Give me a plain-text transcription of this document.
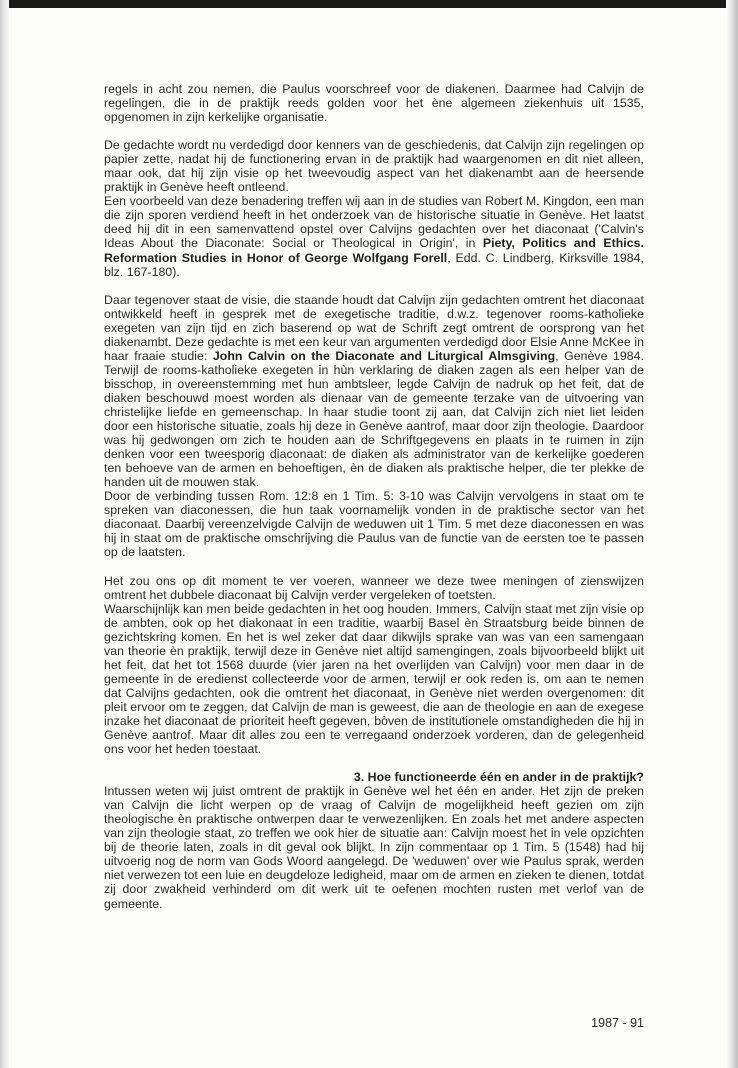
regels in acht zou nemen, die Paulus voorschreef voor de diakenen. Daarmee had Calvijn de regelingen, die in de praktijk reeds golden voor het ène algemeen ziekenhuis uit 1535, opgenomen in zijn kerkelijke organisatie.

De gedachte wordt nu verdedigd door kenners van de geschiedenis, dat Calvijn zijn regelingen op papier zette, nadat hij de functionering ervan in de praktijk had waargenomen en dit niet alleen, maar ook, dat hij zijn visie op het tweevoudig aspect van het diakenambt aan de heersende praktijk in Genève heeft ontleend.

Een voorbeeld van deze benadering treffen wij aan in de studies van Robert M. Kingdon, een man die zijn sporen verdiend heeft in het onderzoek van de historische situatie in Genève. Het laatst deed hij dit in een samenvattend opstel over Calvijns gedachten over het diaconaat ('Calvin's Ideas About the Diaconate: Social or Theological in Origin', in Piety, Politics and Ethics. Reformation Studies in Honor of George Wolfgang Forell, Edd. C. Lindberg, Kirksville 1984, blz. 167-180).

Daar tegenover staat de visie, die staande houdt dat Calvijn zijn gedachten omtrent het diaconaat ontwikkeld heeft in gesprek met de exegetische traditie, d.w.z. tegenover rooms-katholieke exegeten van zijn tijd en zich baserend op wat de Schrift zegt omtrent de oorsprong van het diakenambt. Deze gedachte is met een keur van argumenten verdedigd door Elsie Anne McKee in haar fraaie studie: John Calvin on the Diaconate and Liturgical Almsgiving, Genève 1984. Terwijl de rooms-katholieke exegeten in hùn verklaring de diaken zagen als een helper van de bisschop, in overeenstemming met hun ambtsleer, legde Calvijn de nadruk op het feit, dat de diaken beschouwd moest worden als dienaar van de gemeente terzake van de uitvoering van christelijke liefde en gemeenschap. In haar studie toont zij aan, dat Calvijn zich niet liet leiden door een historische situatie, zoals hij deze in Genève aantrof, maar door zijn theologie. Daardoor was hij gedwongen om zich te houden aan de Schriftgegevens en plaats in te ruimen in zijn denken voor een tweesporig diaconaat: de diaken als administrator van de kerkelijke goederen ten behoeve van de armen en behoeftigen, èn de diaken als praktische helper, die ter plekke de handen uit de mouwen stak.

Door de verbinding tussen Rom. 12:8 en 1 Tim. 5: 3-10 was Calvijn vervolgens in staat om te spreken van diaconessen, die hun taak voornamelijk vonden in de praktische sector van het diaconaat. Daarbij vereenzelvigde Calvijn de weduwen uit 1 Tim. 5 met deze diaconessen en was hij in staat om de praktische omschrijving die Paulus van de functie van de eersten toe te passen op de laatsten.

Het zou ons op dit moment te ver voeren, wanneer we deze twee meningen of zienswijzen omtrent het dubbele diaconaat bij Calvijn verder vergeleken of toetsten.

Waarschijnlijk kan men beide gedachten in het oog houden. Immers, Calvijn staat met zijn visie op de ambten, ook op het diakonaat in een traditie, waarbij Basel èn Straatsburg beide binnen de gezichtskring komen. En het is wel zeker dat daar dikwijls sprake van was van een samengaan van theorie èn praktijk, terwijl deze in Genève niet altijd samengingen, zoals bijvoorbeeld blijkt uit het feit, dat het tot 1568 duurde (vier jaren na het overlijden van Calvijn) voor men daar in de gemeente in de eredienst collecteerde voor de armen, terwijl er ook reden is, om aan te nemen dat Calvijns gedachten, ook die omtrent het diaconaat, in Genève niet werden overgenomen: dit pleit ervoor om te zeggen, dat Calvijn de man is geweest, die aan de theologie en aan de exegese inzake het diaconaat de prioriteit heeft gegeven, bòven de institutionele omstandigheden die hij in Genève aantrof. Maar dit alles zou een te verregaand onderzoek vorderen, dan de gelegenheid ons voor het heden toestaat.

3. Hoe functioneerde één en ander in de praktijk?

Intussen weten wij juist omtrent de praktijk in Genève wel het één en ander. Het zijn de preken van Calvijn die licht werpen op de vraag of Calvijn de mogelijkheid heeft gezien om zijn theologische èn praktische ontwerpen daar te verwezenlijken. En zoals het met andere aspecten van zijn theologie staat, zo treffen we ook hier de situatie aan: Calvijn moest het in vele opzichten bij de theorie laten, zoals in dit geval ook blijkt. In zijn commentaar op 1 Tim. 5 (1548) had hij uitvoerig nog de norm van Gods Woord aangelegd. De 'weduwen' over wie Paulus sprak, werden niet verwezen tot een luie en deugdeloze ledigheid, maar om de armen en zieken te dienen, totdat zij door zwakheid verhinderd om dit werk uit te oefenen mochten rusten met verlof van de gemeente.

1987 - 91
